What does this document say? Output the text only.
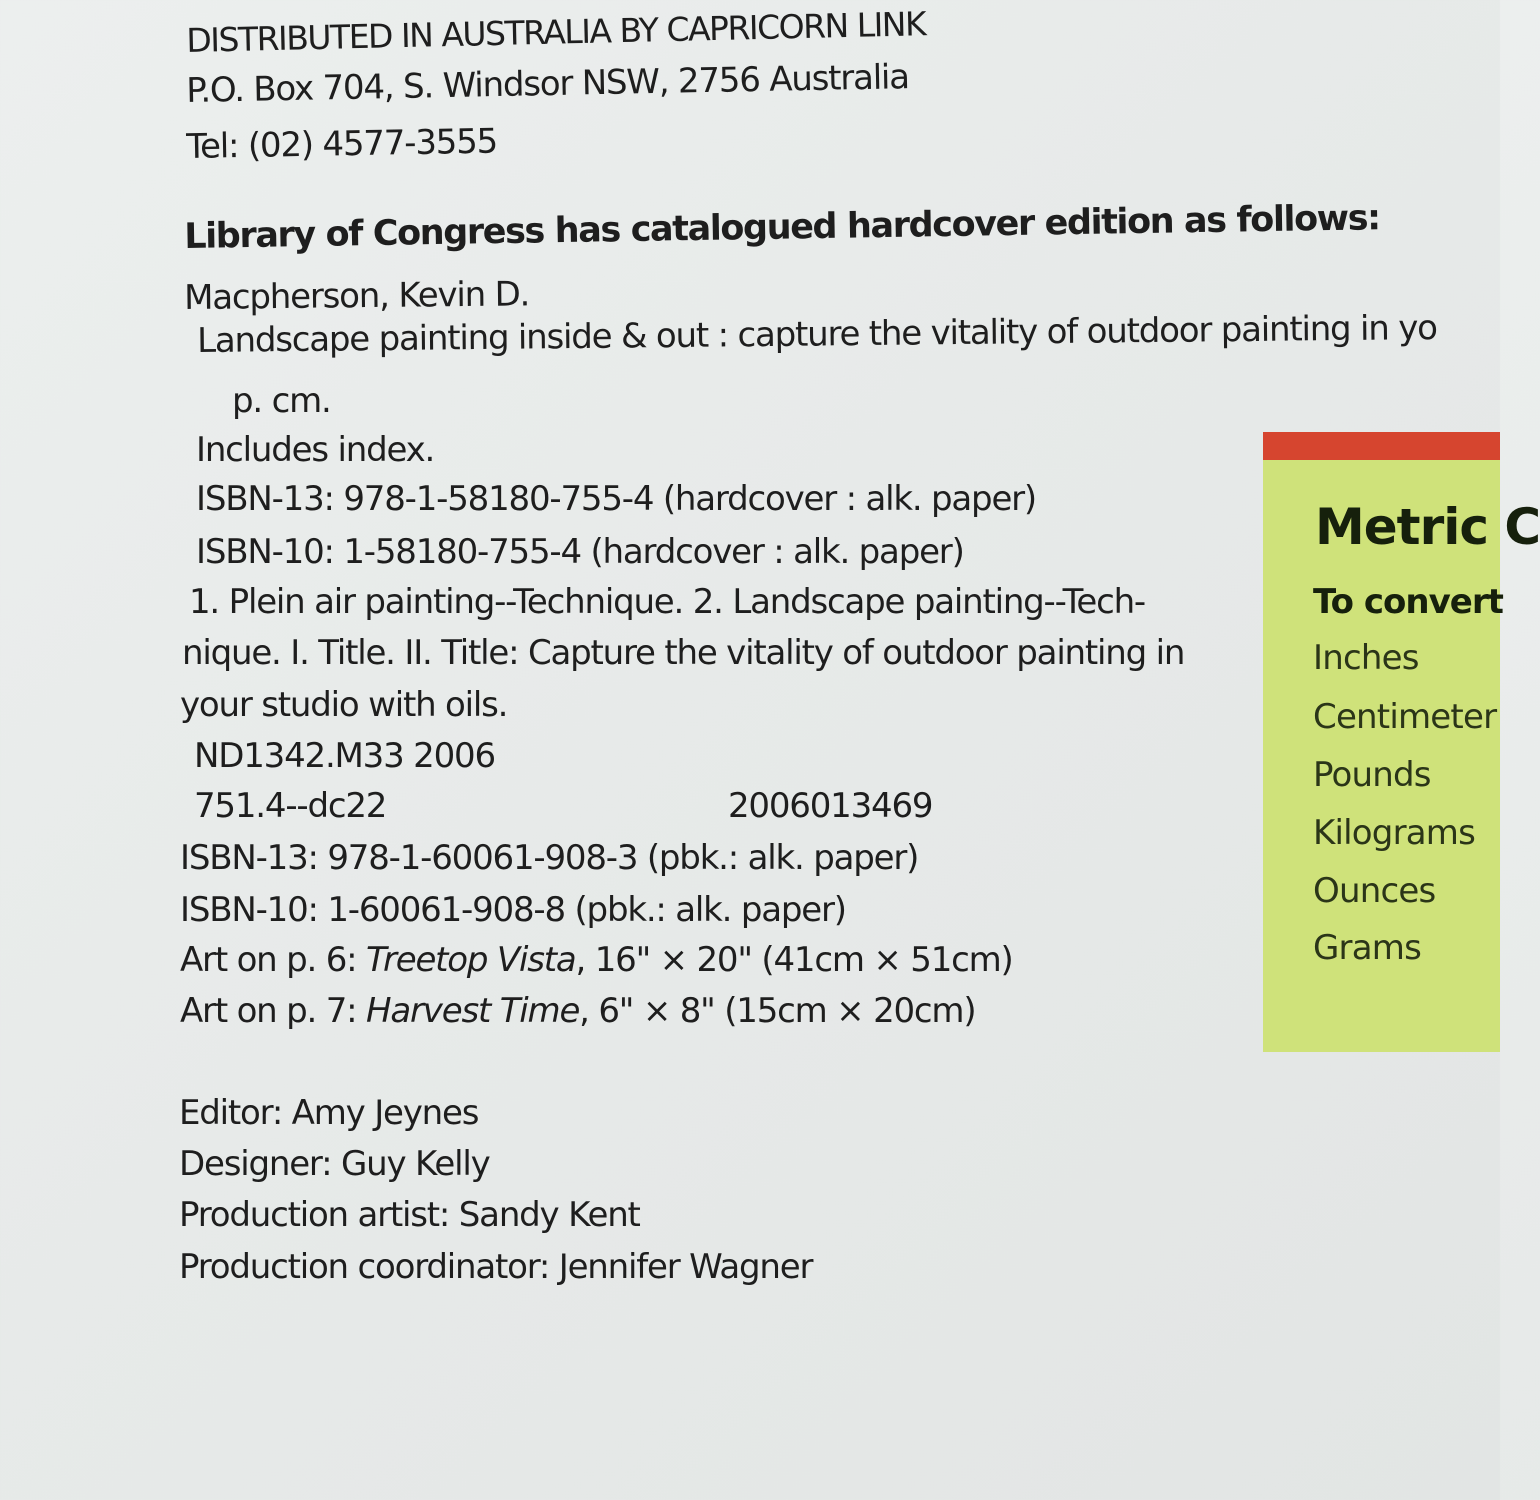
DISTRIBUTED IN AUSTRALIA BY CAPRICORN LINK
P.O. Box 704, S. Windsor NSW, 2756 Australia
Tel: (02) 4577-3555
Library of Congress has catalogued hardcover edition as follows:
Macpherson, Kevin D.
Landscape painting inside & out : capture the vitality of outdoor painting in yo
p. cm.
Includes index.
ISBN-13: 978-1-58180-755-4 (hardcover : alk. paper)
ISBN-10: 1-58180-755-4 (hardcover : alk. paper)
1. Plein air painting--Technique. 2. Landscape painting--Tech-
nique. I. Title. II. Title: Capture the vitality of outdoor painting in
your studio with oils.
ND1342.M33 2006
751.4--dc22	2006013469
ISBN-13: 978-1-60061-908-3 (pbk.: alk. paper)
ISBN-10: 1-60061-908-8 (pbk.: alk. paper)
Art on p. 6: Treetop Vista, 16" × 20" (41cm × 51cm)
Art on p. 7: Harvest Time, 6" × 8" (15cm × 20cm)
Editor: Amy Jeynes
Designer: Guy Kelly
Production artist: Sandy Kent
Production coordinator: Jennifer Wagner
Metric C
To convert
Inches
Centimeter
Pounds
Kilograms
Ounces
Grams
